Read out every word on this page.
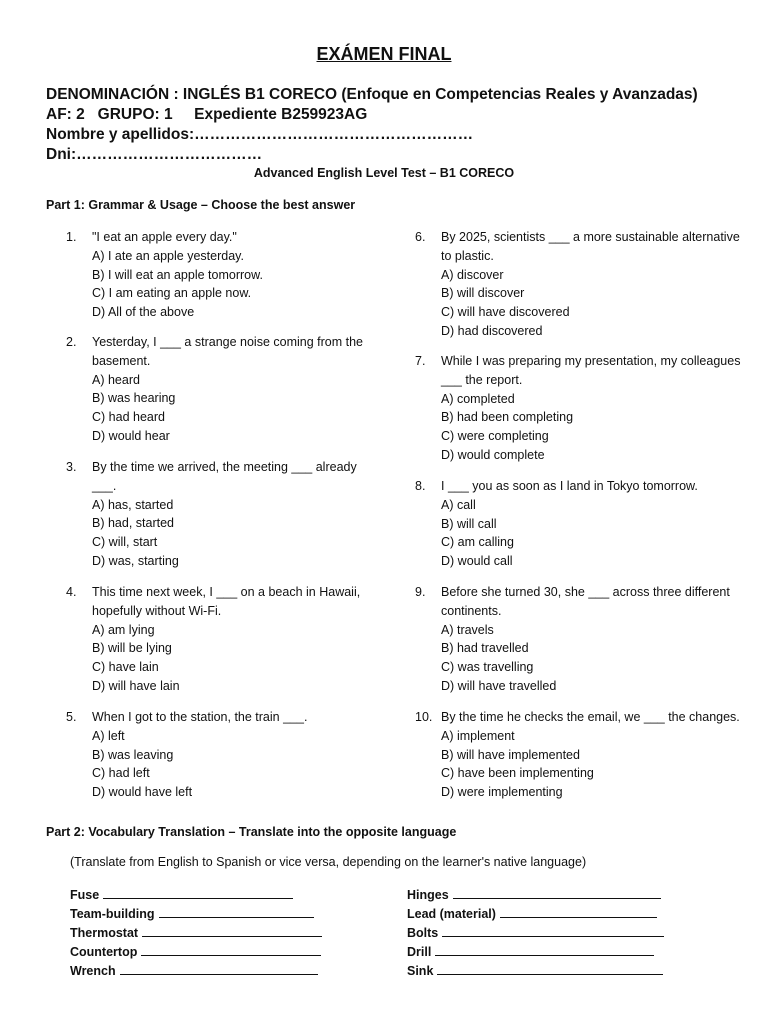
EXÁMEN FINAL
DENOMINACIÓN : INGLÉS B1 CORECO (Enfoque en Competencias Reales y Avanzadas)
AF: 2   GRUPO: 1     Expediente B259923AG
Nombre y apellidos:………………………………………………
Dni:………………………………
Advanced English Level Test – B1 CORECO
Part 1: Grammar & Usage – Choose the best answer
1.	"I eat an apple every day."
A) I ate an apple yesterday.
B) I will eat an apple tomorrow.
C) I am eating an apple now.
D) All of the above
2.	Yesterday, I ___ a strange noise coming from the basement.
A) heard
B) was hearing
C) had heard
D) would hear
3.	By the time we arrived, the meeting ___ already ___.
A) has, started
B) had, started
C) will, start
D) was, starting
4.	This time next week, I ___ on a beach in Hawaii, hopefully without Wi-Fi.
A) am lying
B) will be lying
C) have lain
D) will have lain
5.	When I got to the station, the train ___.
A) left
B) was leaving
C) had left
D) would have left
6.	By 2025, scientists ___ a more sustainable alternative to plastic.
A) discover
B) will discover
C) will have discovered
D) had discovered
7.	While I was preparing my presentation, my colleagues ___ the report.
A) completed
B) had been completing
C) were completing
D) would complete
8.	I ___ you as soon as I land in Tokyo tomorrow.
A) call
B) will call
C) am calling
D) would call
9.	Before she turned 30, she ___ across three different continents.
A) travels
B) had travelled
C) was travelling
D) will have travelled
10. By the time he checks the email, we ___ the changes.
A) implement
B) will have implemented
C) have been implementing
D) were implementing
Part 2: Vocabulary Translation – Translate into the opposite language
(Translate from English to Spanish or vice versa, depending on the learner's native language)
Fuse
Team-building
Thermostat
Countertop
Wrench
Hinges
Lead (material)
Bolts
Drill
Sink
